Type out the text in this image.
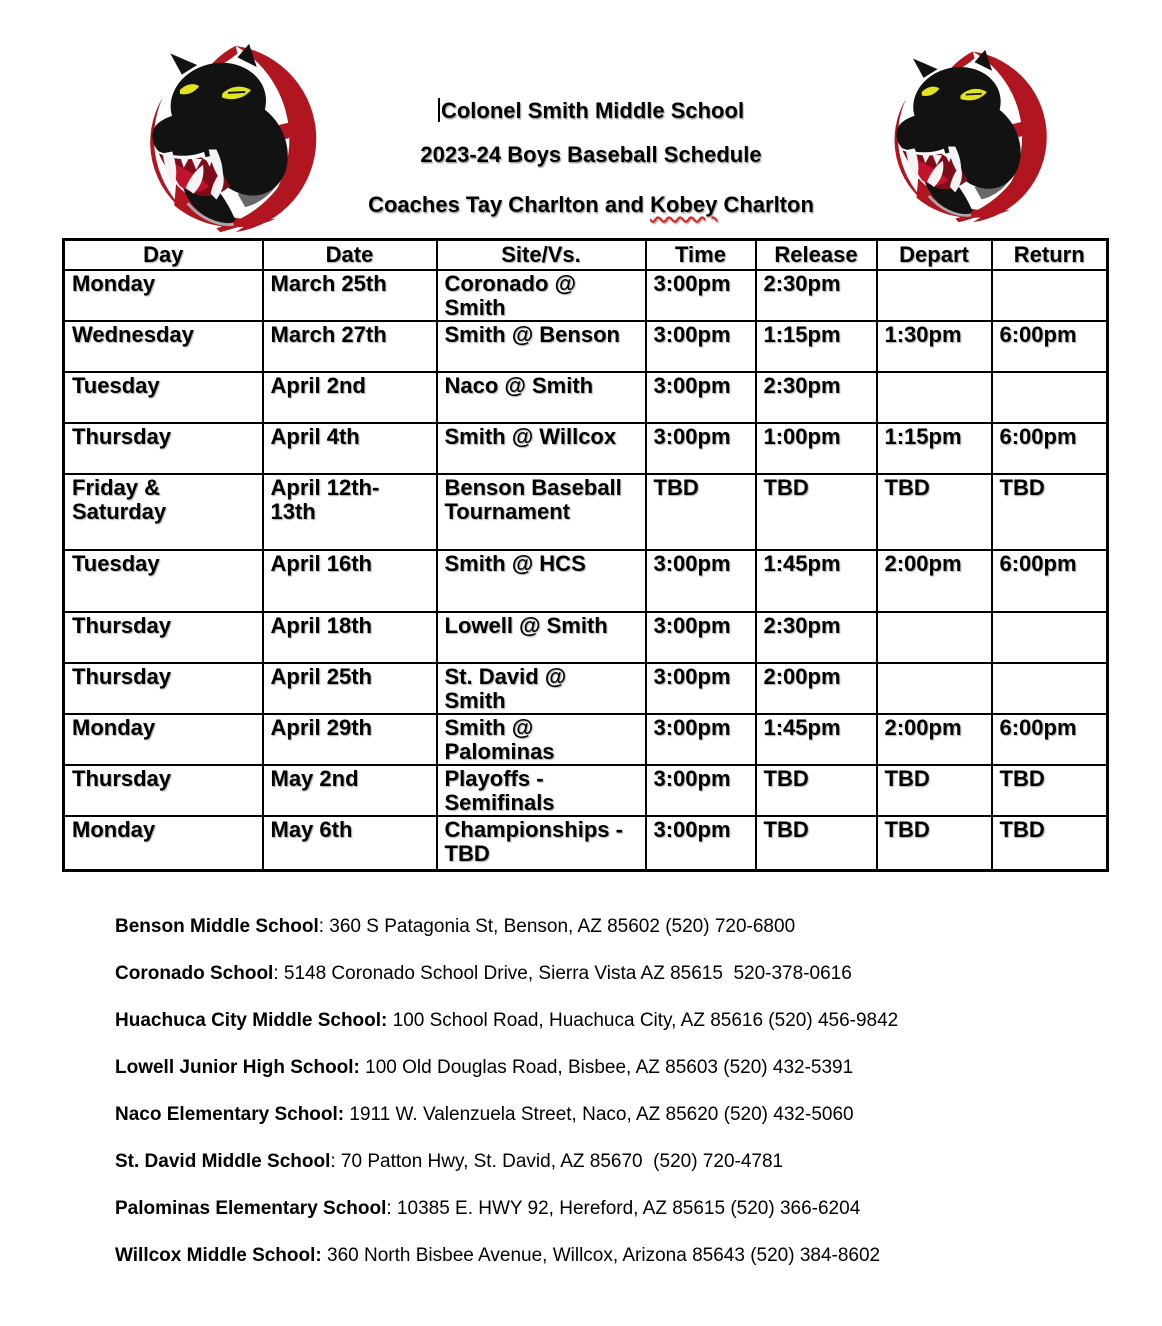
Colonel Smith Middle School

2023-24 Boys Baseball Schedule

Coaches Tay Charlton and Kobey Charlton

Day	Date	Site/Vs.	Time	Release	Depart	Return
Monday	March 25th	Coronado @ Smith	3:00pm	2:30pm		
Wednesday	March 27th	Smith @ Benson	3:00pm	1:15pm	1:30pm	6:00pm
Tuesday	April 2nd	Naco @ Smith	3:00pm	2:30pm		
Thursday	April 4th	Smith @ Willcox	3:00pm	1:00pm	1:15pm	6:00pm
Friday & Saturday	April 12th-13th	Benson Baseball Tournament	TBD	TBD	TBD	TBD
Tuesday	April 16th	Smith @ HCS	3:00pm	1:45pm	2:00pm	6:00pm
Thursday	April 18th	Lowell @ Smith	3:00pm	2:30pm		
Thursday	April 25th	St. David @ Smith	3:00pm	2:00pm		
Monday	April 29th	Smith @ Palominas	3:00pm	1:45pm	2:00pm	6:00pm
Thursday	May 2nd	Playoffs - Semifinals	3:00pm	TBD	TBD	TBD
Monday	May 6th	Championships - TBD	3:00pm	TBD	TBD	TBD

Benson Middle School: 360 S Patagonia St, Benson, AZ 85602 (520) 720-6800

Coronado School: 5148 Coronado School Drive, Sierra Vista AZ 85615  520-378-0616

Huachuca City Middle School: 100 School Road, Huachuca City, AZ 85616 (520) 456-9842

Lowell Junior High School: 100 Old Douglas Road, Bisbee, AZ 85603 (520) 432-5391

Naco Elementary School: 1911 W. Valenzuela Street, Naco, AZ 85620 (520) 432-5060

St. David Middle School: 70 Patton Hwy, St. David, AZ 85670  (520) 720-4781

Palominas Elementary School: 10385 E. HWY 92, Hereford, AZ 85615 (520) 366-6204

Willcox Middle School: 360 North Bisbee Avenue, Willcox, Arizona 85643 (520) 384-8602
